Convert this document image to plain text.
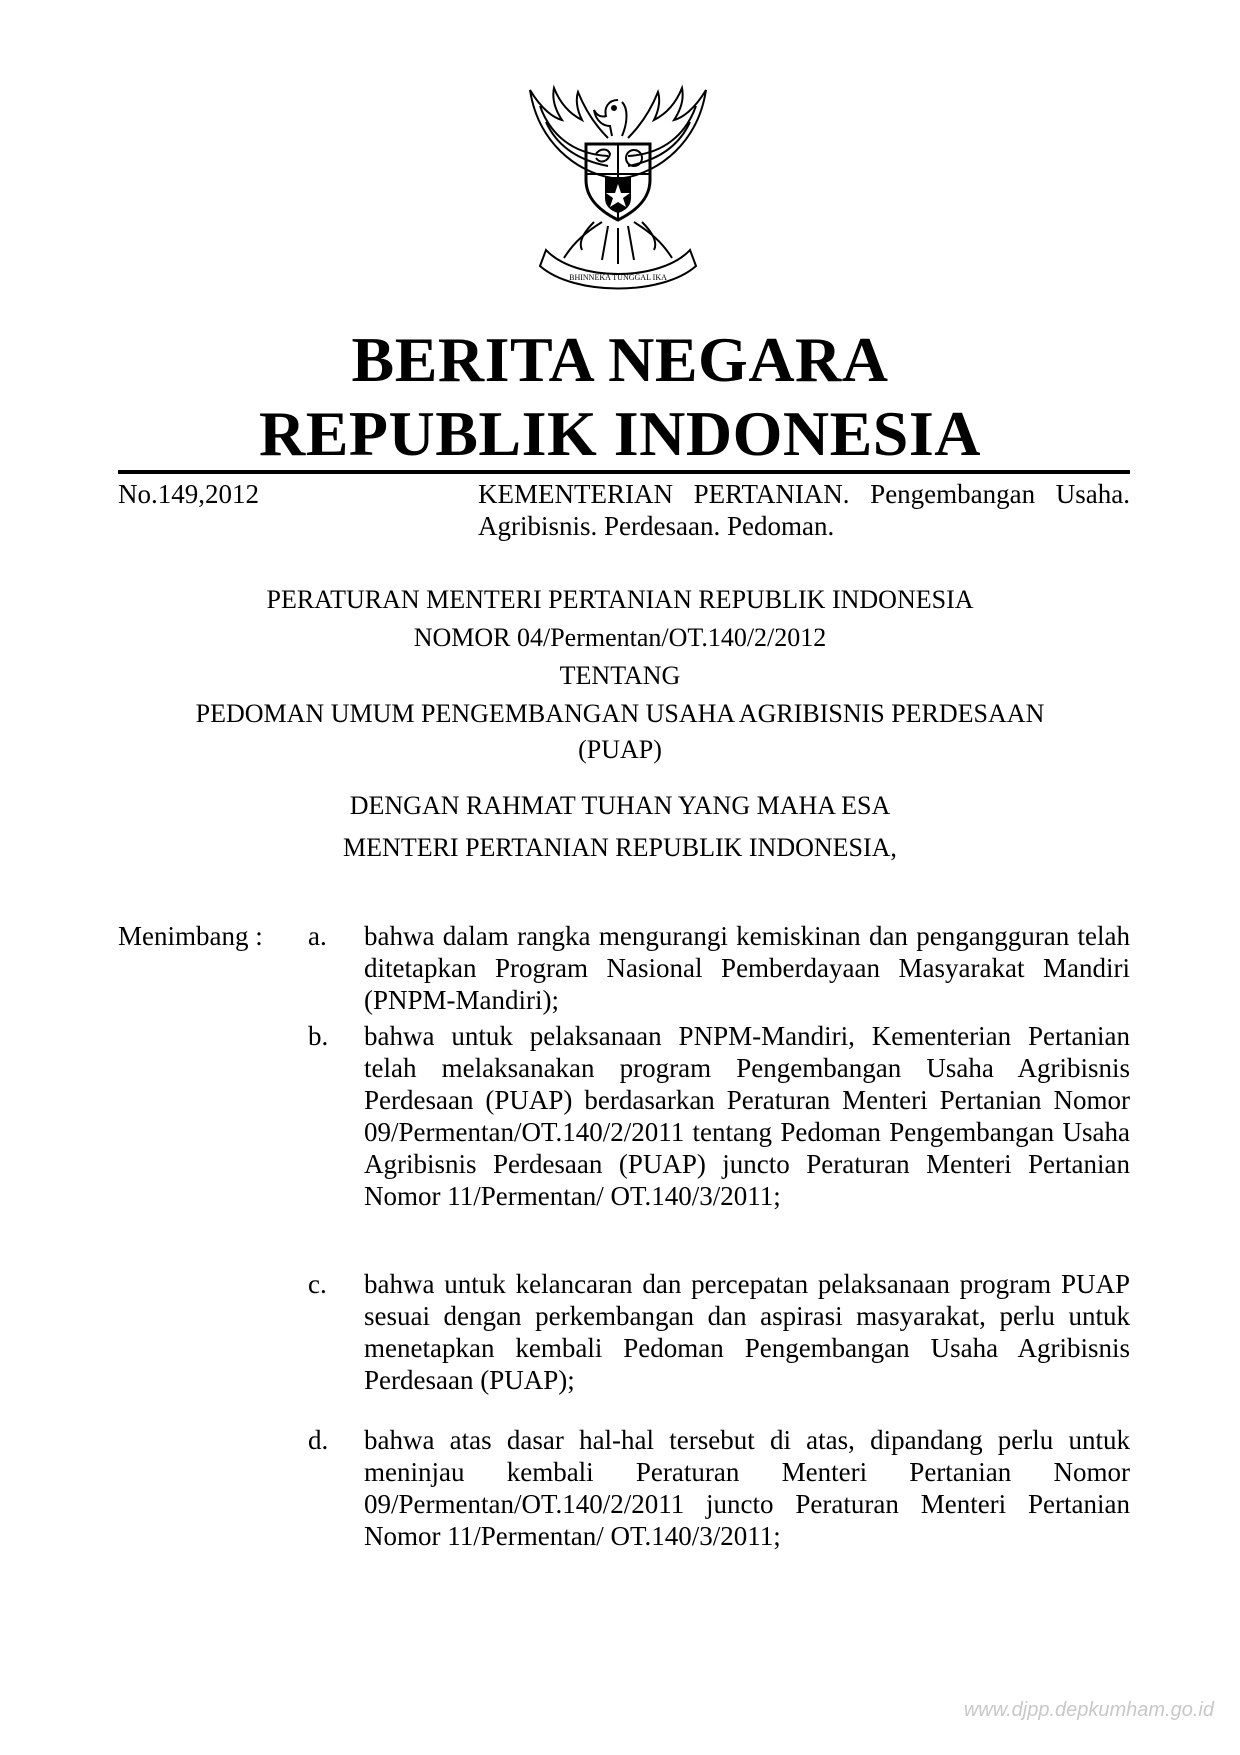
BHINNEKA TUNGGAL IKA
BERITA NEGARA
REPUBLIK INDONESIA
No.149,2012	KEMENTERIAN PERTANIAN. Pengembangan Usaha. Agribisnis. Perdesaan. Pedoman.
PERATURAN MENTERI PERTANIAN REPUBLIK INDONESIA
NOMOR 04/Permentan/OT.140/2/2012
TENTANG
PEDOMAN UMUM PENGEMBANGAN USAHA AGRIBISNIS PERDESAAN
(PUAP)
DENGAN RAHMAT TUHAN YANG MAHA ESA
MENTERI PERTANIAN REPUBLIK INDONESIA,
Menimbang : a. bahwa dalam rangka mengurangi kemiskinan dan pengangguran telah ditetapkan Program Nasional Pemberdayaan Masyarakat Mandiri (PNPM-Mandiri);
b. bahwa untuk pelaksanaan PNPM-Mandiri, Kementerian Pertanian telah melaksanakan program Pengembangan Usaha Agribisnis Perdesaan (PUAP) berdasarkan Peraturan Menteri Pertanian Nomor 09/Permentan/OT.140/2/2011 tentang Pedoman Pengembangan Usaha Agribisnis Perdesaan (PUAP) juncto Peraturan Menteri Pertanian Nomor 11/Permentan/ OT.140/3/2011;
c. bahwa untuk kelancaran dan percepatan pelaksanaan program PUAP sesuai dengan perkembangan dan aspirasi masyarakat, perlu untuk menetapkan kembali Pedoman Pengembangan Usaha Agribisnis Perdesaan (PUAP);
d. bahwa atas dasar hal-hal tersebut di atas, dipandang perlu untuk meninjau kembali Peraturan Menteri Pertanian Nomor 09/Permentan/OT.140/2/2011 juncto Peraturan Menteri Pertanian Nomor 11/Permentan/ OT.140/3/2011;
www.djpp.depkumham.go.id
